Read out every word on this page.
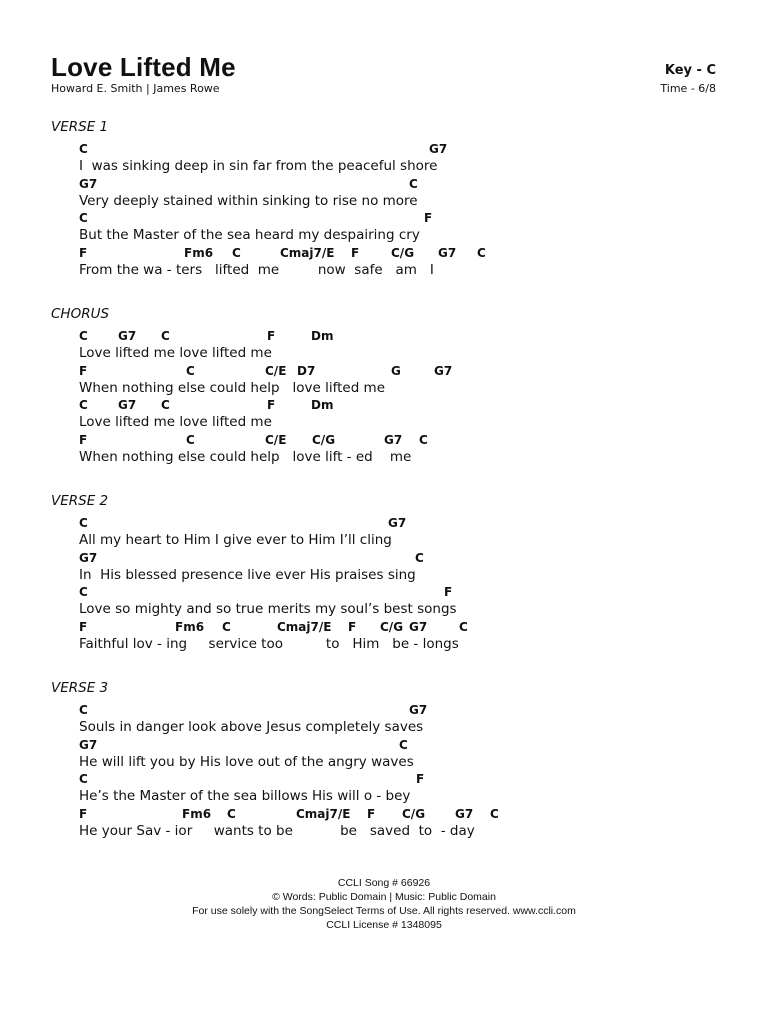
Love Lifted Me
Howard E. Smith | James Rowe
Key - C
Time - 6/8
VERSE 1
C	G7
I  was sinking deep in sin far from the peaceful shore
G7	C
Very deeply stained within sinking to rise no more
C	F
But the Master of the sea heard my despairing cry
F	Fm6 C	Cmaj7/E F	C/G G7 C
From the wa - ters   lifted  me         now  safe   am   I
CHORUS
C	G7 C	F	Dm
Love lifted me love lifted me
F	C	C/E D7	G	G7
When nothing else could help   love lifted me
C	G7 C	F	Dm
Love lifted me love lifted me
F	C	C/E C/G	G7 C
When nothing else could help   love lift - ed    me
VERSE 2
C	G7
All my heart to Him I give ever to Him I’ll cling
G7	C
In  His blessed presence live ever His praises sing
C	F
Love so mighty and so true merits my soul’s best songs
F	Fm6 C	Cmaj7/E F C/G G7	C
Faithful lov - ing     service too          to   Him   be - longs
VERSE 3
C	G7
Souls in danger look above Jesus completely saves
G7	C
He will lift you by His love out of the angry waves
C	F
He’s the Master of the sea billows His will o - bey
F	Fm6 C	Cmaj7/E F C/G G7 C
He your Sav - ior     wants to be           be   saved  to  - day
CCLI Song # 66926
© Words: Public Domain | Music: Public Domain
For use solely with the SongSelect Terms of Use. All rights reserved. www.ccli.com
CCLI License # 1348095
